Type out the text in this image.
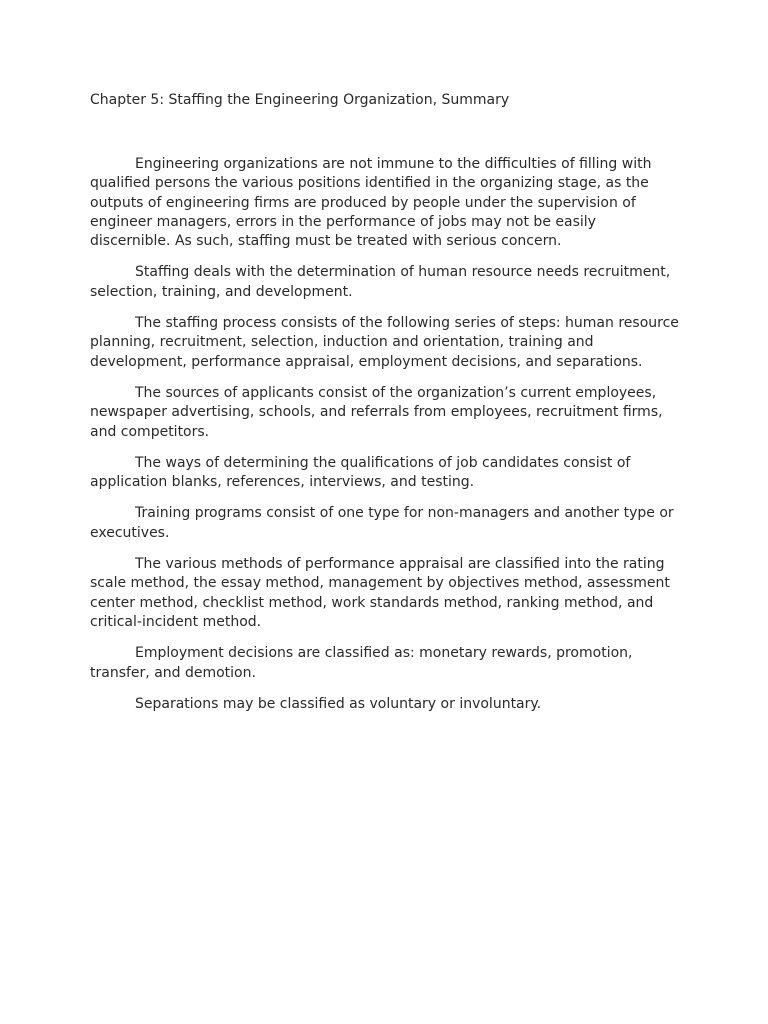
Chapter 5: Staffing the Engineering Organization, Summary

Engineering organizations are not immune to the difficulties of filling with qualified persons the various positions identified in the organizing stage, as the outputs of engineering firms are produced by people under the supervision of engineer managers, errors in the performance of jobs may not be easily discernible. As such, staffing must be treated with serious concern.

Staffing deals with the determination of human resource needs recruitment, selection, training, and development.

The staffing process consists of the following series of steps: human resource planning, recruitment, selection, induction and orientation, training and development, performance appraisal, employment decisions, and separations.

The sources of applicants consist of the organization’s current employees, newspaper advertising, schools, and referrals from employees, recruitment firms, and competitors.

The ways of determining the qualifications of job candidates consist of application blanks, references, interviews, and testing.

Training programs consist of one type for non-managers and another type or executives.

The various methods of performance appraisal are classified into the rating scale method, the essay method, management by objectives method, assessment center method, checklist method, work standards method, ranking method, and critical-incident method.

Employment decisions are classified as: monetary rewards, promotion, transfer, and demotion.

Separations may be classified as voluntary or involuntary.
